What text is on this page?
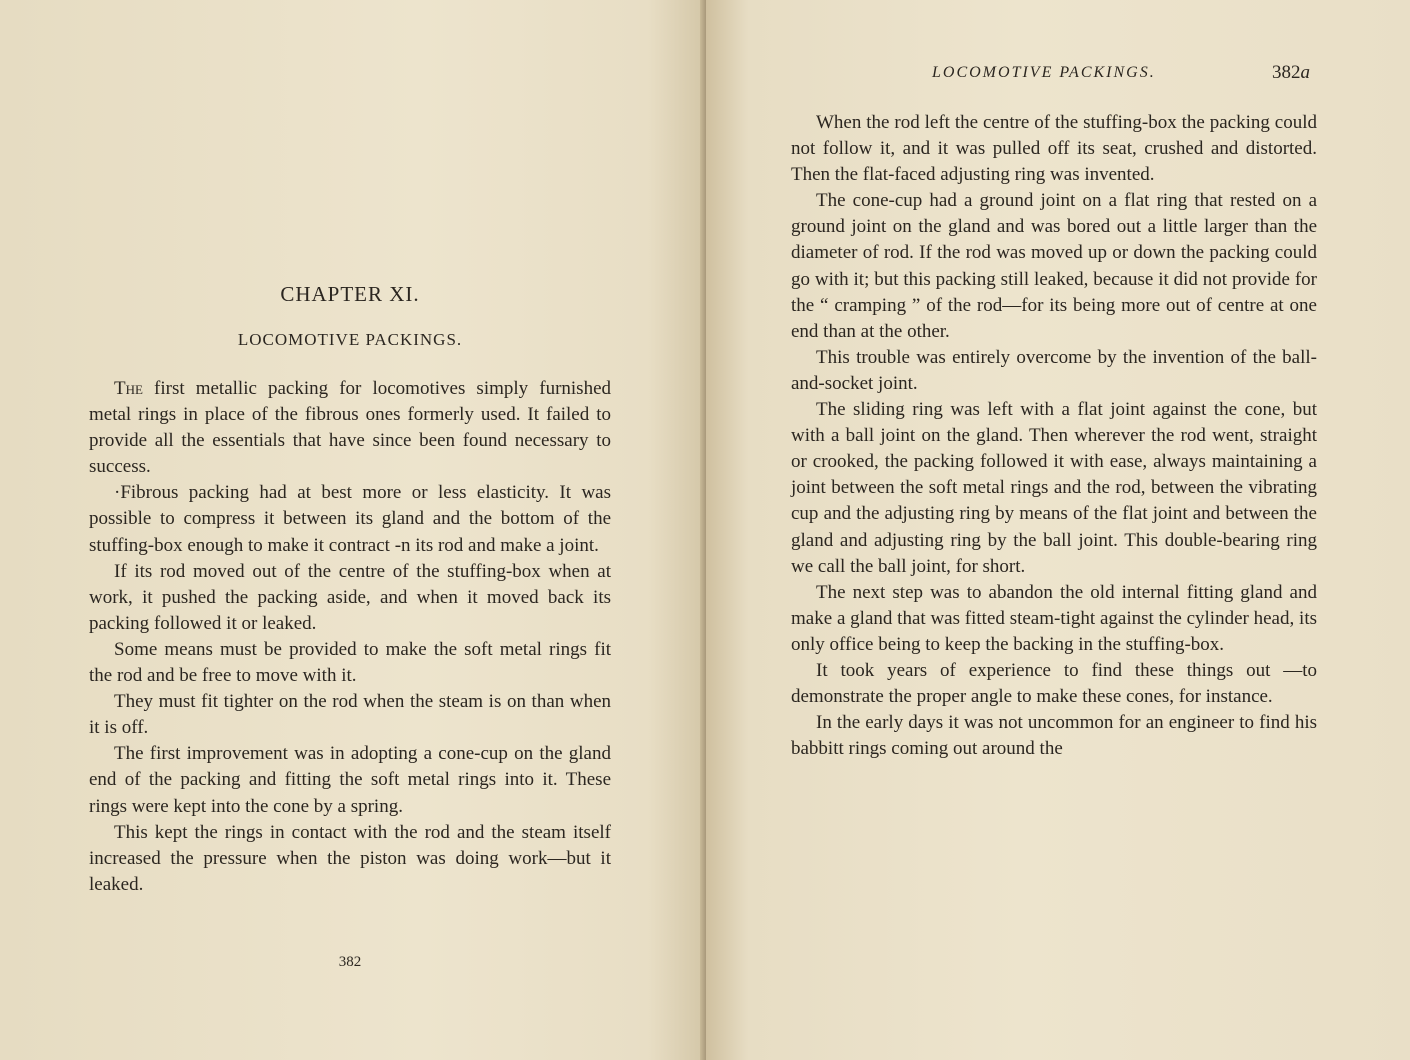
CHAPTER XI.
LOCOMOTIVE PACKINGS.

The first metallic packing for locomotives simply furnished metal rings in place of the fibrous ones formerly used. It failed to provide all the essentials that have since been found necessary to success.

·Fibrous packing had at best more or less elasticity. It was possible to compress it between its gland and the bottom of the stuffing-box enough to make it contract ‑n its rod and make a joint.

If its rod moved out of the centre of the stuffing-box when at work, it pushed the packing aside, and when it moved back its packing followed it or leaked.

Some means must be provided to make the soft metal rings fit the rod and be free to move with it.

They must fit tighter on the rod when the steam is on than when it is off.

The first improvement was in adopting a cone-cup on the gland end of the packing and fitting the soft metal rings into it. These rings were kept into the cone by a spring.

This kept the rings in contact with the rod and the steam itself increased the pressure when the piston was doing work—but it leaked.

382
LOCOMOTIVE PACKINGS.	382a

When the rod left the centre of the stuffing-box the packing could not follow it, and it was pulled off its seat, crushed and distorted. Then the flat-faced adjusting ring was invented.

The cone-cup had a ground joint on a flat ring that rested on a ground joint on the gland and was bored out a little larger than the diameter of rod. If the rod was moved up or down the packing could go with it; but this packing still leaked, because it did not provide for the “ cramping ” of the rod—for its being more out of centre at one end than at the other.

This trouble was entirely overcome by the invention of the ball-and-socket joint.

The sliding ring was left with a flat joint against the cone, but with a ball joint on the gland. Then wherever the rod went, straight or crooked, the packing followed it with ease, always maintaining a joint between the soft metal rings and the rod, between the vibrating cup and the adjusting ring by means of the flat joint and between the gland and adjusting ring by the ball joint. This double-bearing ring we call the ball joint, for short.

The next step was to abandon the old internal fitting gland and make a gland that was fitted steam-tight against the cylinder head, its only office being to keep the backing in the stuffing-box.

It took years of experience to find these things out —to demonstrate the proper angle to make these cones, for instance.

In the early days it was not uncommon for an engineer to find his babbitt rings coming out around the
